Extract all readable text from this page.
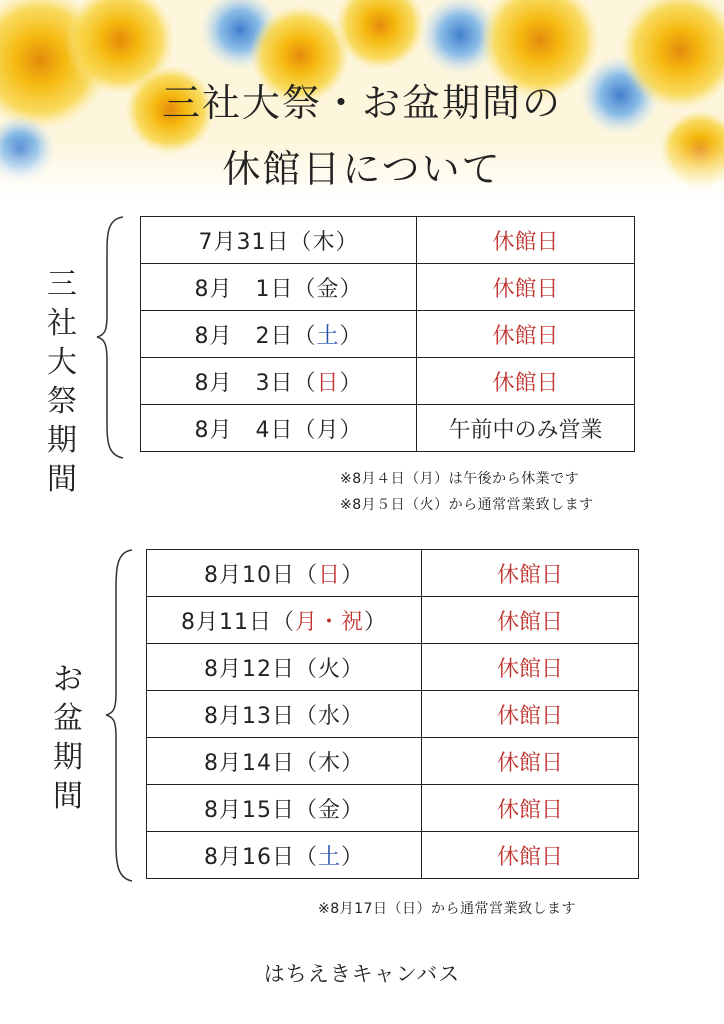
三社大祭・お盆期間の
休館日について
三
社
大
祭
期
間
7月31日（木）	休館日
8月　1日（金）	休館日
8月　2日（土）	休館日
8月　3日（日）	休館日
8月　4日（月）	午前中のみ営業
※8月４日（月）は午後から休業です
※8月５日（火）から通常営業致します
お
盆
期
間
8月10日（日）	休館日
8月11日（月・祝）	休館日
8月12日（火）	休館日
8月13日（水）	休館日
8月14日（木）	休館日
8月15日（金）	休館日
8月16日（土）	休館日
※8月17日（日）から通常営業致します
はちえきキャンバス
